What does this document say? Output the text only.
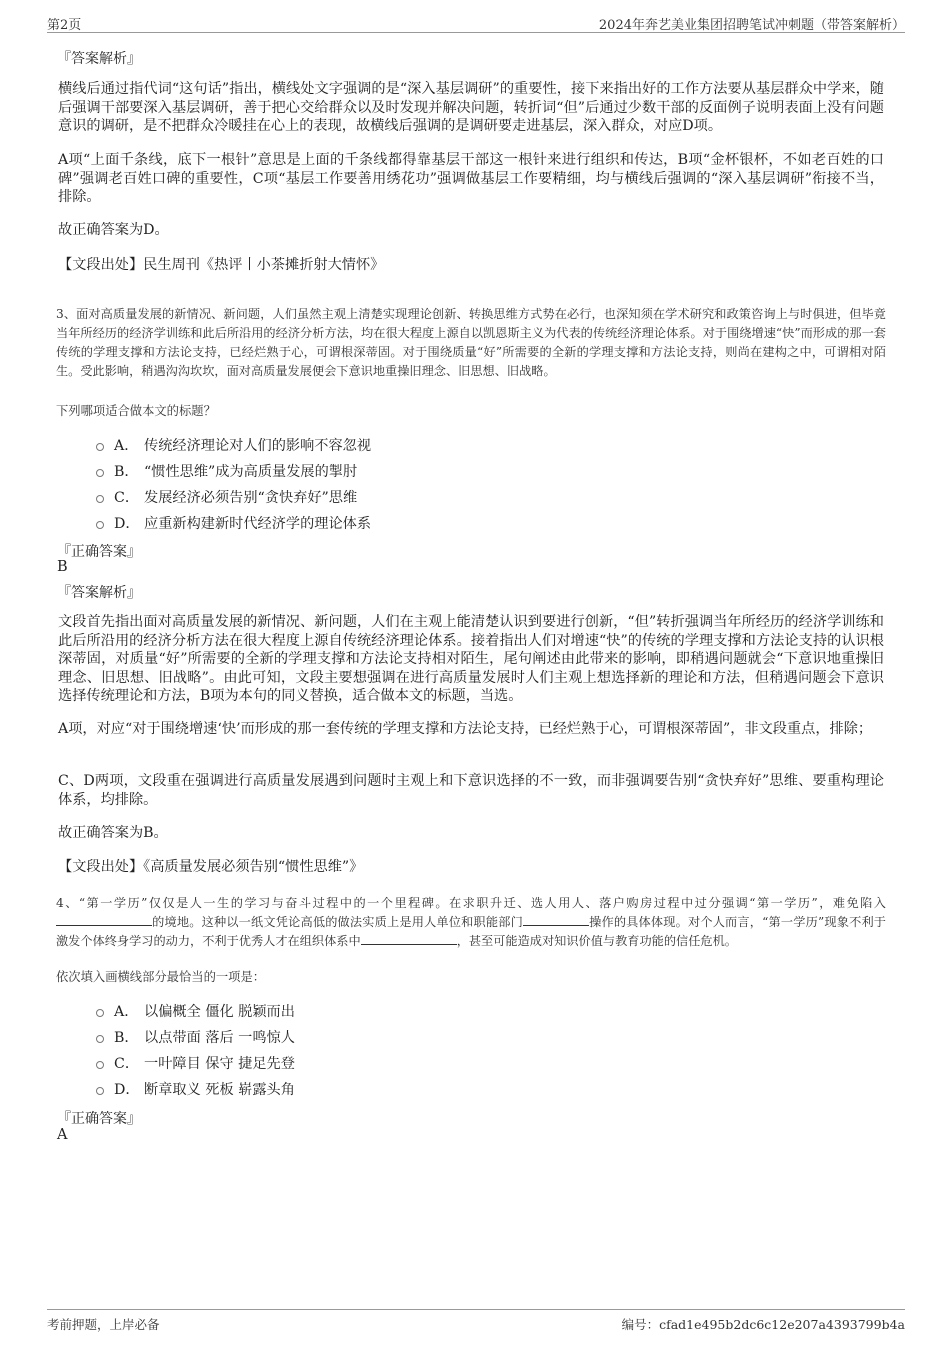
第2页	2024年奔艺美业集团招聘笔试冲刺题（带答案解析）
『答案解析』
横线后通过指代词“这句话”指出，横线处文字强调的是“深入基层调研”的重要性，接下来指出好的工作方法要从基层群众中学来，随后强调干部要深入基层调研，善于把心交给群众以及时发现并解决问题，转折词“但”后通过少数干部的反面例子说明表面上没有问题意识的调研，是不把群众冷暖挂在心上的表现，故横线后强调的是调研要走进基层，深入群众，对应D项。
A项“上面千条线，底下一根针”意思是上面的千条线都得靠基层干部这一根针来进行组织和传达，B项“金杯银杯，不如老百姓的口碑”强调老百姓口碑的重要性，C项“基层工作要善用绣花功”强调做基层工作要精细，均与横线后强调的“深入基层调研”衔接不当，排除。
故正确答案为D。
【文段出处】民生周刊《热评丨小茶摊折射大情怀》
3、面对高质量发展的新情况、新问题，人们虽然主观上清楚实现理论创新、转换思维方式势在必行，也深知须在学术研究和政策咨询上与时俱进，但毕竟当年所经历的经济学训练和此后所沿用的经济分析方法，均在很大程度上源自以凯恩斯主义为代表的传统经济理论体系。对于围绕增速“快”而形成的那一套传统的学理支撑和方法论支持，已经烂熟于心，可谓根深蒂固。对于围绕质量“好”所需要的全新的学理支撑和方法论支持，则尚在建构之中，可谓相对陌生。受此影响，稍遇沟沟坎坎，面对高质量发展便会下意识地重操旧理念、旧思想、旧战略。
下列哪项适合做本文的标题？
A． 传统经济理论对人们的影响不容忽视
B． “惯性思维”成为高质量发展的掣肘
C． 发展经济必须告别“贪快弃好”思维
D． 应重新构建新时代经济学的理论体系
『正确答案』
B
『答案解析』
文段首先指出面对高质量发展的新情况、新问题，人们在主观上能清楚认识到要进行创新，“但”转折强调当年所经历的经济学训练和此后所沿用的经济分析方法在很大程度上源自传统经济理论体系。接着指出人们对增速“快”的传统的学理支撑和方法论支持的认识根深蒂固，对质量“好”所需要的全新的学理支撑和方法论支持相对陌生，尾句阐述由此带来的影响，即稍遇问题就会“下意识地重操旧理念、旧思想、旧战略”。由此可知，文段主要想强调在进行高质量发展时人们主观上想选择新的理论和方法，但稍遇问题会下意识选择传统理论和方法，B项为本句的同义替换，适合做本文的标题，当选。
A项，对应“对于围绕增速‘快’而形成的那一套传统的学理支撑和方法论支持，已经烂熟于心，可谓根深蒂固”，非文段重点，排除；
C、D两项，文段重在强调进行高质量发展遇到问题时主观上和下意识选择的不一致，而非强调要告别“贪快弃好”思维、要重构理论体系，均排除。
故正确答案为B。
【文段出处】《高质量发展必须告别“惯性思维”》
4、“第一学历”仅仅是人一生的学习与奋斗过程中的一个里程碑。在求职升迁、选人用人、落户购房过程中过分强调“第一学历”，难免陷入的境地。这种以一纸文凭论高低的做法实质上是用人单位和职能部门	操作的具体体现。对个人而言，“第一学历”现象不利于激发个体终身学习的动力，不利于优秀人才在组织体系中	，甚至可能造成对知识价值与教育功能的信任危机。
依次填入画横线部分最恰当的一项是：
A． 以偏概全 僵化 脱颖而出
B． 以点带面 落后 一鸣惊人
C． 一叶障目 保守 捷足先登
D． 断章取义 死板 崭露头角
『正确答案』
A
考前押题，上岸必备	编号：cfad1e495b2dc6c12e207a4393799b4a
